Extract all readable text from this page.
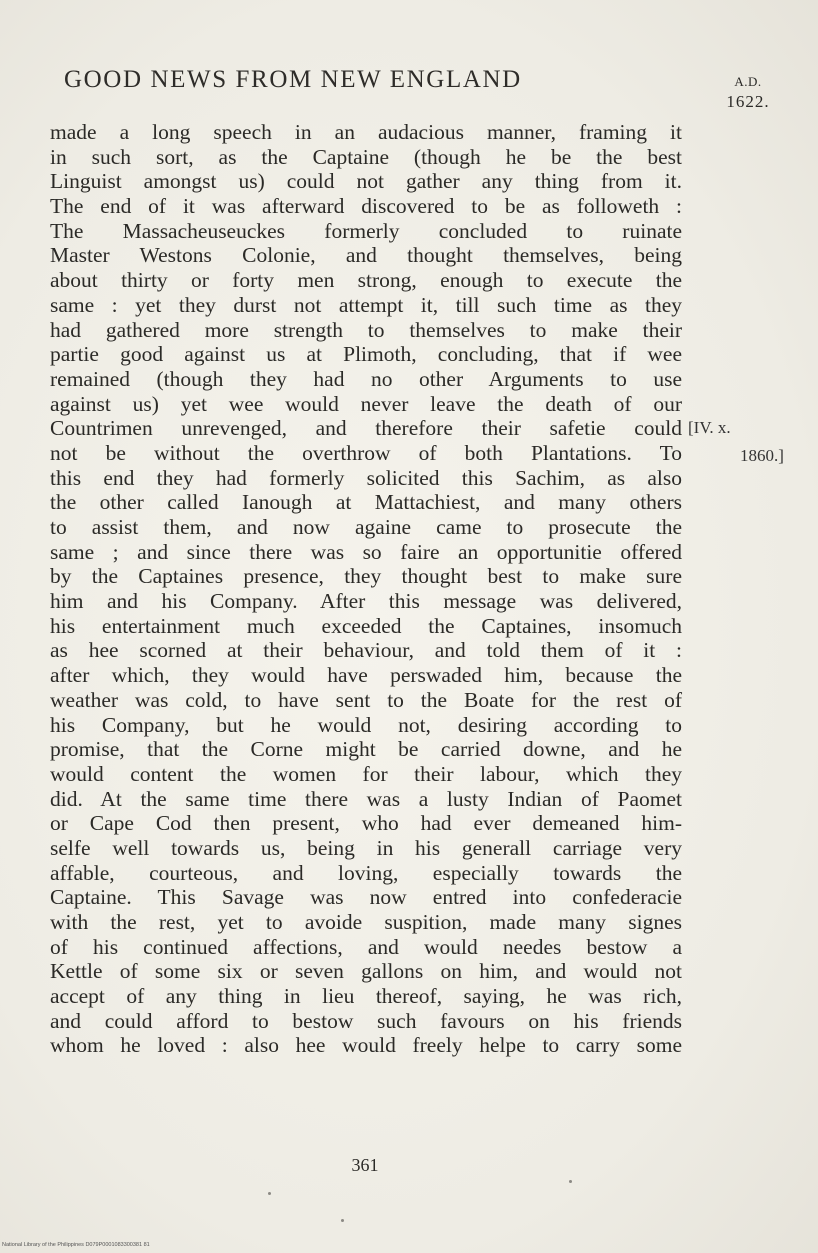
GOOD NEWS FROM NEW ENGLAND	A.D.
1622.
made a long speech in an audacious manner, framing it
in such sort, as the Captaine (though he be the best
Linguist amongst us) could not gather any thing from it.
The end of it was afterward discovered to be as followeth :
The Massacheuseuckes formerly concluded to ruinate
Master Westons Colonie, and thought themselves, being
about thirty or forty men strong, enough to execute the
same : yet they durst not attempt it, till such time as they
had gathered more strength to themselves to make their
partie good against us at Plimoth, concluding, that if wee
remained (though they had no other Arguments to use
against us) yet wee would never leave the death of our
Countrimen unrevenged, and therefore their safetie could
not be without the overthrow of both Plantations. To
this end they had formerly solicited this Sachim, as also
the other called Ianough at Mattachiest, and many others
to assist them, and now againe came to prosecute the
same ; and since there was so faire an opportunitie offered
by the Captaines presence, they thought best to make sure
him and his Company. After this message was delivered,
his entertainment much exceeded the Captaines, insomuch
as hee scorned at their behaviour, and told them of it :
after which, they would have perswaded him, because the
weather was cold, to have sent to the Boate for the rest of
his Company, but he would not, desiring according to
promise, that the Corne might be carried downe, and he
would content the women for their labour, which they
did. At the same time there was a lusty Indian of Paomet
or Cape Cod then present, who had ever demeaned him-
selfe well towards us, being in his generall carriage very
affable, courteous, and loving, especially towards the
Captaine. This Savage was now entred into confederacie
with the rest, yet to avoide suspition, made many signes
of his continued affections, and would needes bestow a
Kettle of some six or seven gallons on him, and would not
accept of any thing in lieu thereof, saying, he was rich,
and could afford to bestow such favours on his friends
whom he loved : also hee would freely helpe to carry some
[IV. x.
1860.]
361
National Library of the Philippines D079P0001083300381 81
